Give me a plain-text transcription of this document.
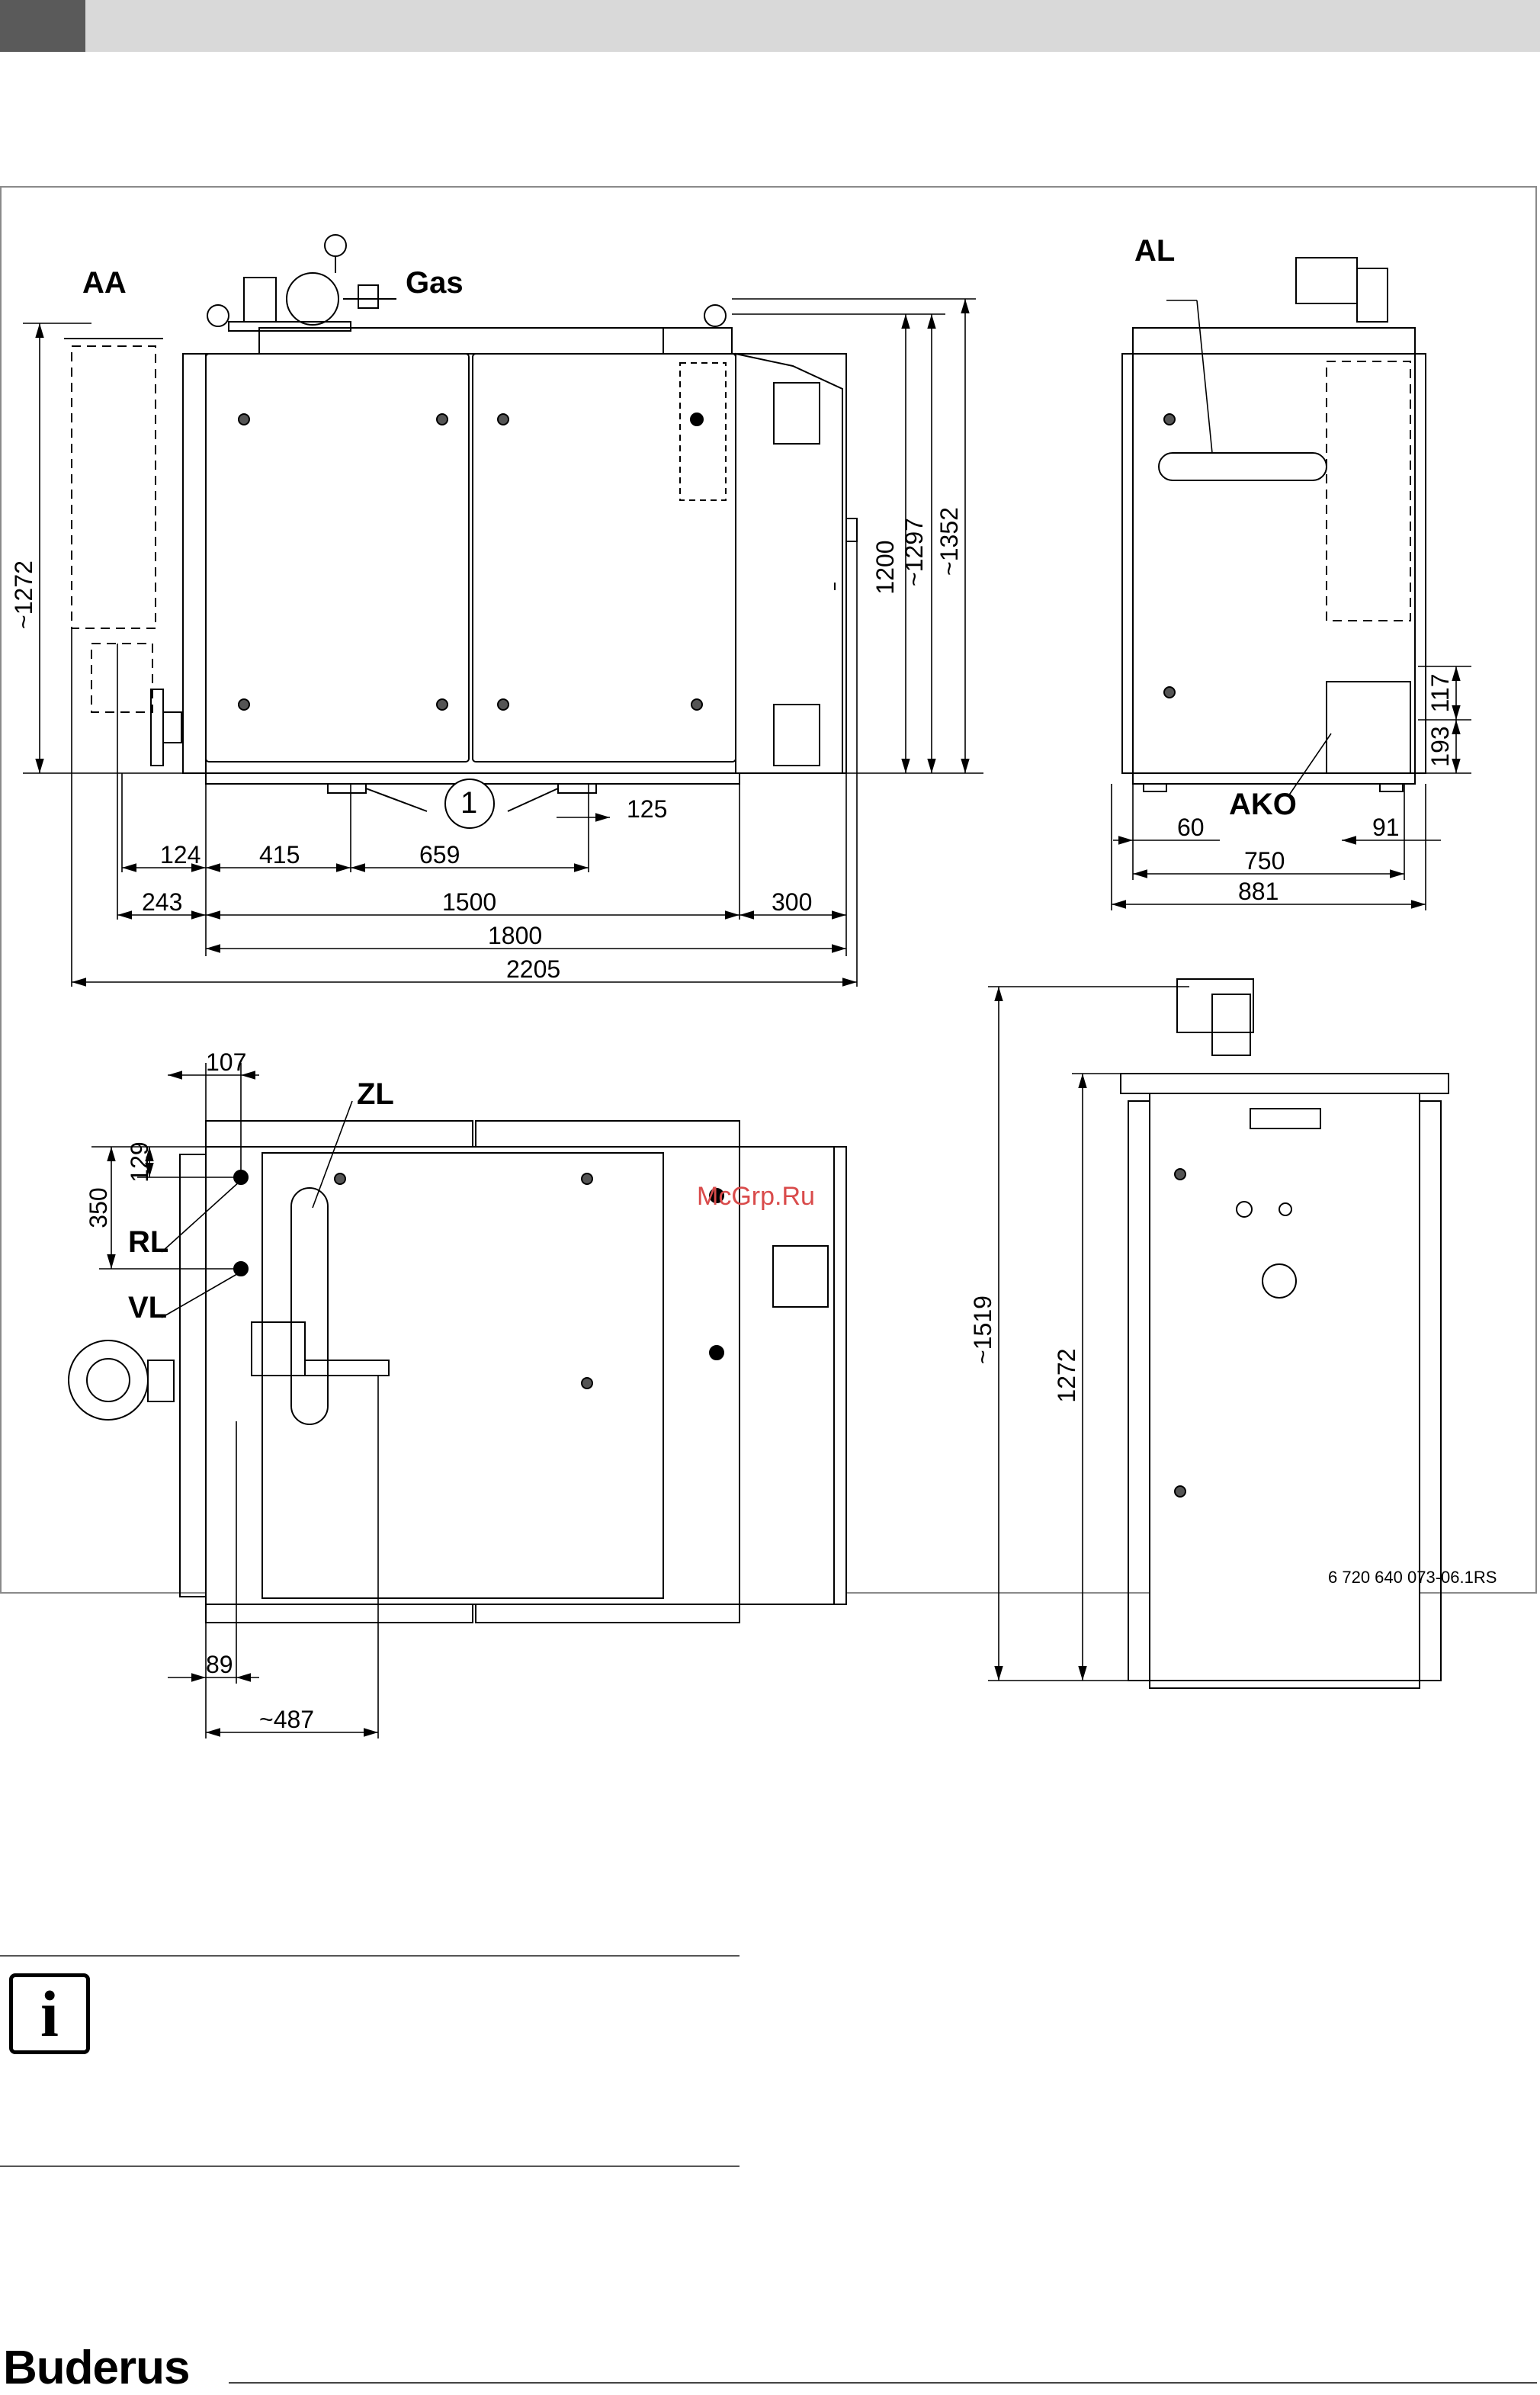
AA	Gas
AL
AKO
ZL
RL
VL
1
~1272	1200 ~1297 ~1352
125
124 415	659
243	1500	300
1800
2205
117
193
60	91
750
881
107
129
350
89
~487
~1519
1272
McGrp.Ru
6 720 640 073-06.1RS
i
Buderus
